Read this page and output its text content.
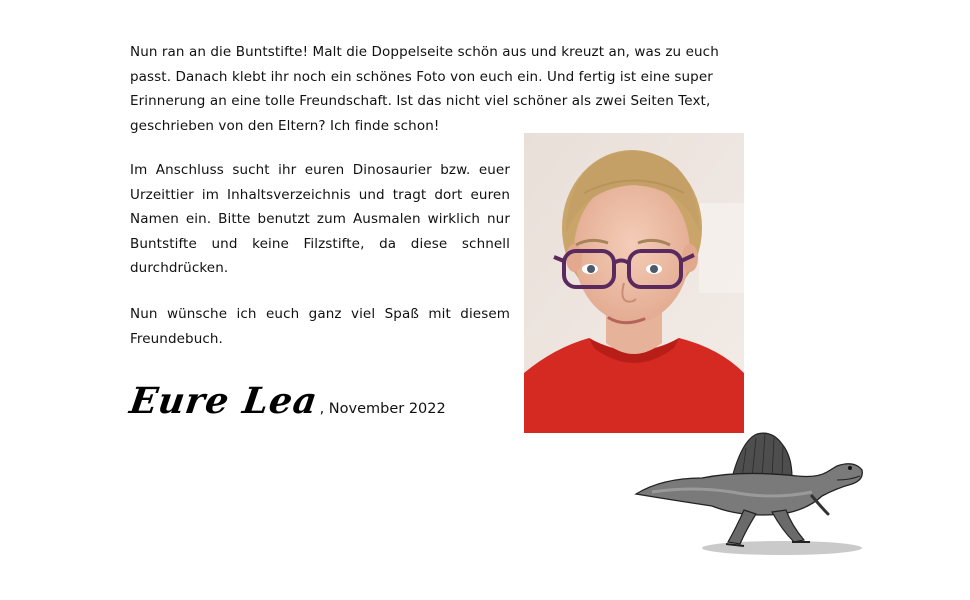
Nun ran an die Buntstifte! Malt die Doppelseite schön aus und kreuzt an, was zu euch passt. Danach klebt ihr noch ein schönes Foto von euch ein. Und fertig ist eine super Erinnerung an eine tolle Freundschaft. Ist das nicht viel schöner als zwei Seiten Text, geschrieben von den Eltern? Ich finde schon!

Im Anschluss sucht ihr euren Dinosaurier bzw. euer Urzeittier im Inhaltsverzeichnis und tragt dort euren Namen ein. Bitte benutzt zum Ausmalen wirklich nur Buntstifte und keine Filzstifte, da diese schnell durchdrücken.

Nun wünsche ich euch ganz viel Spaß mit diesem Freundebuch.

Eure Lea , November 2022
